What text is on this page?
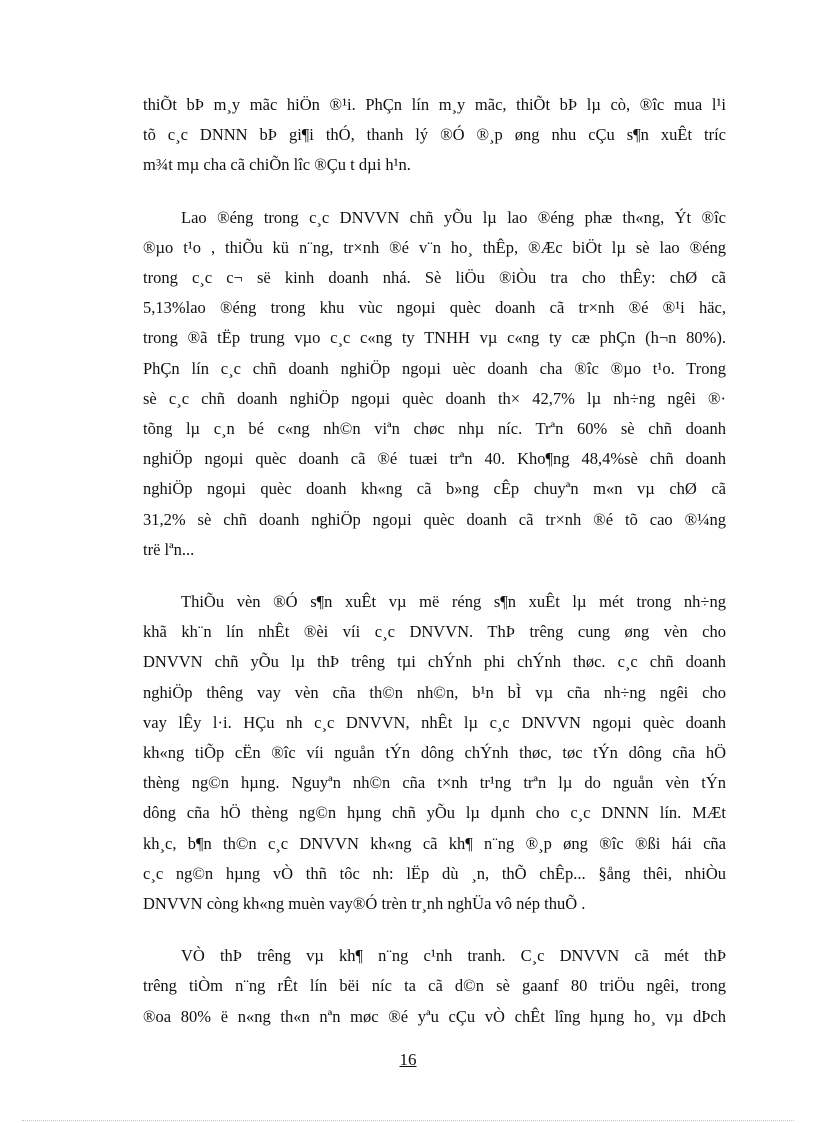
thiÕt bÞ m¸y mãc hiÖn ®¹i. PhÇn lín m¸y mãc, thiÕt bÞ lµ cò, ®îc mua l¹i
tõ c¸c DNNN bÞ gi¶i thÓ, thanh lý ®Ó ®¸p øng nhu cÇu s¶n xuÊt tríc
m¾t mµ cha cã chiÕn lîc ®Çu t dµi h¹n.
Lao ®éng trong c¸c DNVVN chñ yÕu lµ lao ®éng phæ th«ng, Ýt ®îc
®µo t¹o , thiÕu kü n¨ng, tr×nh ®é v¨n ho¸ thÊp, ®Æc biÖt lµ sè lao ®éng
trong c¸c c¬ së kinh doanh nhá. Sè liÖu ®iÒu tra cho thÊy: chØ cã
5,13%lao ®éng trong khu vùc ngoµi quèc doanh cã tr×nh ®é ®¹i häc,
trong ®ã tËp trung vµo c¸c c«ng ty TNHH vµ c«ng ty cæ phÇn (h¬n 80%).
PhÇn lín c¸c chñ doanh nghiÖp ngoµi uèc doanh cha ®îc ®µo t¹o. Trong
sè c¸c chñ doanh nghiÖp ngoµi quèc doanh th× 42,7% lµ nh÷ng ngêi ®·
tõng lµ c¸n bé c«ng nh©n viªn chøc nhµ níc. Trªn 60% sè chñ doanh
nghiÖp ngoµi quèc doanh cã ®é tuæi trªn 40. Kho¶ng 48,4%sè chñ doanh
nghiÖp ngoµi quèc doanh kh«ng cã b»ng cÊp chuyªn m«n vµ chØ cã
31,2% sè chñ doanh nghiÖp ngoµi quèc doanh cã tr×nh ®é tõ cao ®¼ng
trë lªn...
ThiÕu vèn ®Ó s¶n xuÊt vµ më réng s¶n xuÊt lµ mét trong nh÷ng
khã kh¨n lín nhÊt ®èi víi c¸c DNVVN. ThÞ trêng cung øng vèn cho
DNVVN chñ yÕu lµ thÞ trêng tµi chÝnh phi chÝnh thøc. c¸c chñ doanh
nghiÖp thêng vay vèn cña th©n nh©n, b¹n bÌ vµ cña nh÷ng ngêi cho
vay lÊy l·i. HÇu nh c¸c DNVVN, nhÊt lµ c¸c DNVVN ngoµi quèc doanh
kh«ng tiÕp cËn ®îc víi nguån tÝn dông chÝnh thøc, tøc tÝn dông cña hÖ
thèng ng©n hµng. Nguyªn nh©n cña t×nh tr¹ng trªn lµ do nguån vèn tÝn
dông cña hÖ thèng ng©n hµng chñ yÕu lµ dµnh cho c¸c DNNN lín. MÆt
kh¸c, b¶n th©n c¸c DNVVN kh«ng cã kh¶ n¨ng ®¸p øng ®îc ®ßi hái cña
c¸c ng©n hµng vÒ thñ tôc nh: lËp dù ¸n, thÕ chÊp... §ång thêi, nhiÒu
DNVVN còng kh«ng muèn vay®Ó trèn tr¸nh nghÜa vô nép thuÕ .
VÒ thÞ trêng vµ kh¶ n¨ng c¹nh tranh. C¸c DNVVN cã mét thÞ
trêng tiÒm n¨ng rÊt lín bëi níc ta cã d©n sè gaanf 80 triÖu ngêi, trong
®oa 80% ë n«ng th«n nªn møc ®é yªu cÇu vÒ chÊt lîng hµng ho¸ vµ dÞch
16
